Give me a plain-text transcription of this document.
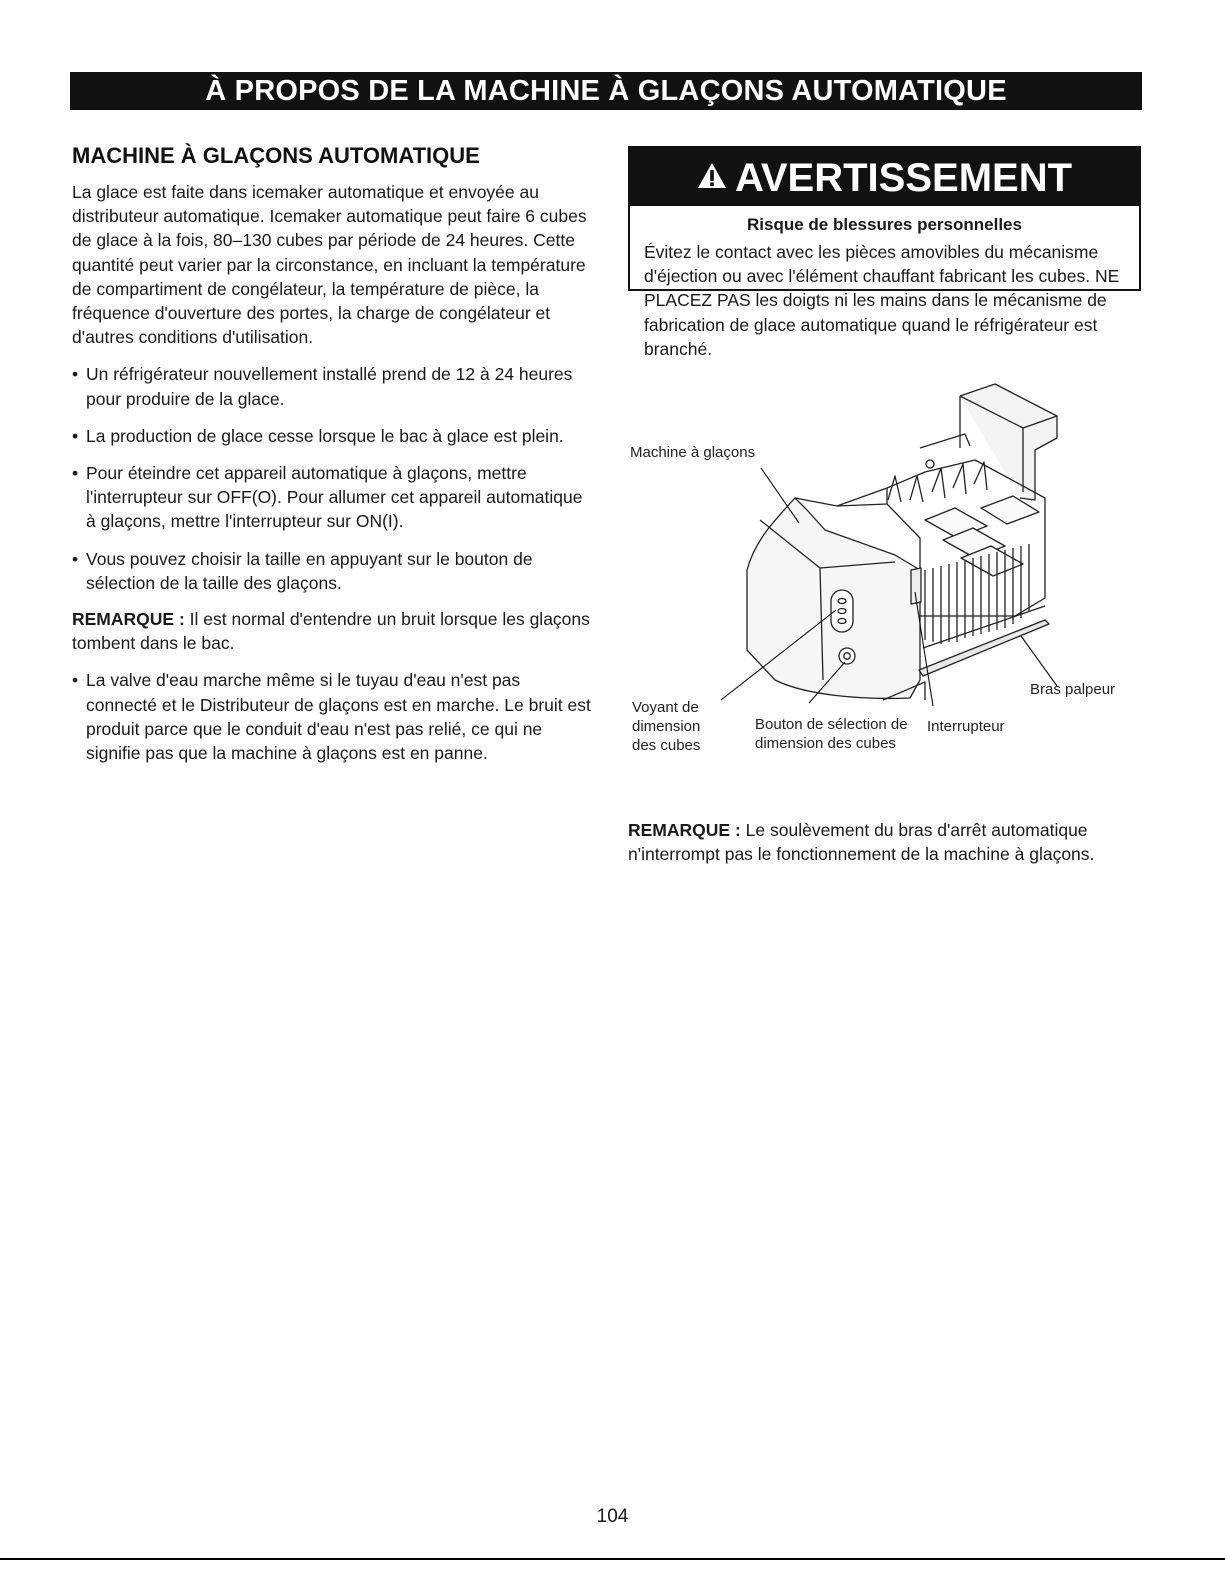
À PROPOS DE LA MACHINE À GLAÇONS AUTOMATIQUE
MACHINE À GLAÇONS AUTOMATIQUE

La glace est faite dans icemaker automatique et envoyée au distributeur automatique. Icemaker automatique peut faire 6 cubes de glace à la fois, 80–130 cubes par période de 24 heures. Cette quantité peut varier par la circonstance, en incluant la température de compartiment de congélateur, la température de pièce, la fréquence d'ouverture des portes, la charge de congélateur et d'autres conditions d'utilisation.

• Un réfrigérateur nouvellement installé prend de 12 à 24 heures pour produire de la glace.
• La production de glace cesse lorsque le bac à glace est plein.
• Pour éteindre cet appareil automatique à glaçons, mettre l'interrupteur sur OFF(O). Pour allumer cet appareil automatique à glaçons, mettre l'interrupteur sur ON(I).
• Vous pouvez choisir la taille en appuyant sur le bouton de sélection de la taille des glaçons.

REMARQUE : Il est normal d'entendre un bruit lorsque les glaçons tombent dans le bac.

• La valve d'eau marche même si le tuyau d'eau n'est pas connecté et le Distributeur de glaçons est en marche. Le bruit est produit parce que le conduit d'eau n'est pas relié, ce qui ne signifie pas que la machine à glaçons est en panne.
AVERTISSEMENT
Risque de blessures personnelles

Évitez le contact avec les pièces amovibles du mécanisme d'éjection ou avec l'élément chauffant fabricant les cubes. NE PLACEZ PAS les doigts ni les mains dans le mécanisme de fabrication de glace automatique quand le réfrigérateur est branché.

Machine à glaçons
Bras palpeur
Voyant de dimension des cubes
Bouton de sélection de dimension des cubes
Interrupteur
REMARQUE : Le soulèvement du bras d'arrêt automatique n'interrompt pas le fonctionnement de la machine à glaçons.
104
